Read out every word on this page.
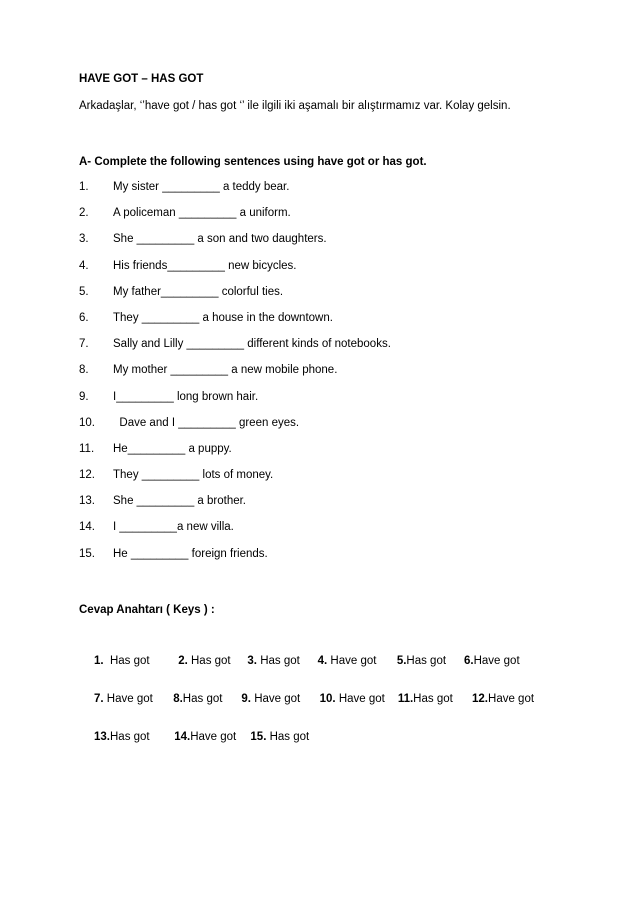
HAVE GOT – HAS GOT
Arkadaşlar, ‘’have got / has got ‘’ ile ilgili iki aşamalı bir alıştırmamız var. Kolay gelsin.
A- Complete the following sentences using have got or has got.
1.	My sister _________ a teddy bear.
2.	A policeman _________ a uniform.
3.	She _________ a son and two daughters.
4.	His friends_________ new bicycles.
5.	My father_________ colorful ties.
6.	They _________ a house in the downtown.
7.	Sally and Lilly _________ different kinds of notebooks.
8.	My mother _________ a new mobile phone.
9.	I_________ long brown hair.
10.	Dave and I _________ green eyes.
11.	He_________ a puppy.
12.	They _________ lots of money.
13.	She _________ a brother.
14.	I _________a new villa.
15.	He _________ foreign friends.
Cevap Anahtarı ( Keys ) :
1. Has got 2. Has got 3. Has got 4. Have got 5.Has got 6.Have got
7. Have got 8.Has got 9. Have got 10. Have got 11.Has got 12.Have got
13.Has got 14.Have got 15. Has got
